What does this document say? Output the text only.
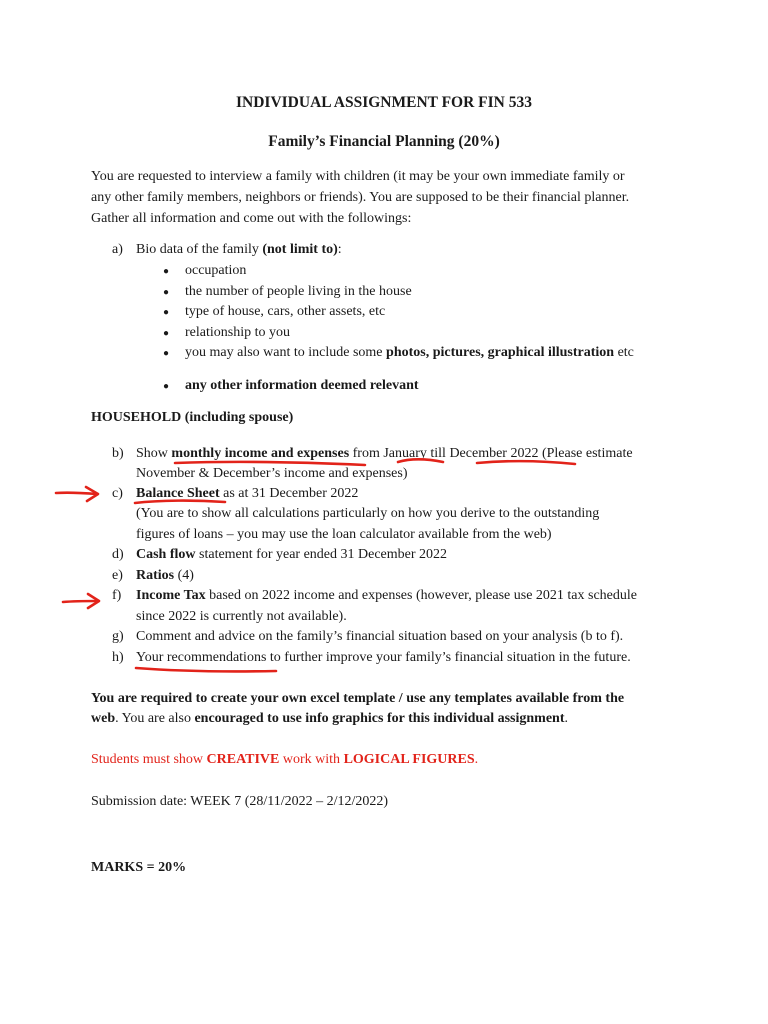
INDIVIDUAL ASSIGNMENT FOR FIN 533
Family’s Financial Planning (20%)
You are requested to interview a family with children (it may be your own immediate family or
any other family members, neighbors or friends). You are supposed to be their financial planner.
Gather all information and come out with the followings:
a) Bio data of the family (not limit to):
● occupation
● the number of people living in the house
● type of house, cars, other assets, etc
● relationship to you
● you may also want to include some photos, pictures, graphical illustration etc
● any other information deemed relevant
HOUSEHOLD (including spouse)
b) Show monthly income and expenses from January till December 2022 (Please estimate
November & December’s income and expenses)
c) Balance Sheet as at 31 December 2022
(You are to show all calculations particularly on how you derive to the outstanding
figures of loans – you may use the loan calculator available from the web)
d) Cash flow statement for year ended 31 December 2022
e) Ratios (4)
f) Income Tax based on 2022 income and expenses (however, please use 2021 tax schedule
since 2022 is currently not available).
g) Comment and advice on the family’s financial situation based on your analysis (b to f).
h) Your recommendations to further improve your family’s financial situation in the future.
You are required to create your own excel template / use any templates available from the
web. You are also encouraged to use info graphics for this individual assignment.
Students must show CREATIVE work with LOGICAL FIGURES.
Submission date: WEEK 7 (28/11/2022 – 2/12/2022)
MARKS = 20%
